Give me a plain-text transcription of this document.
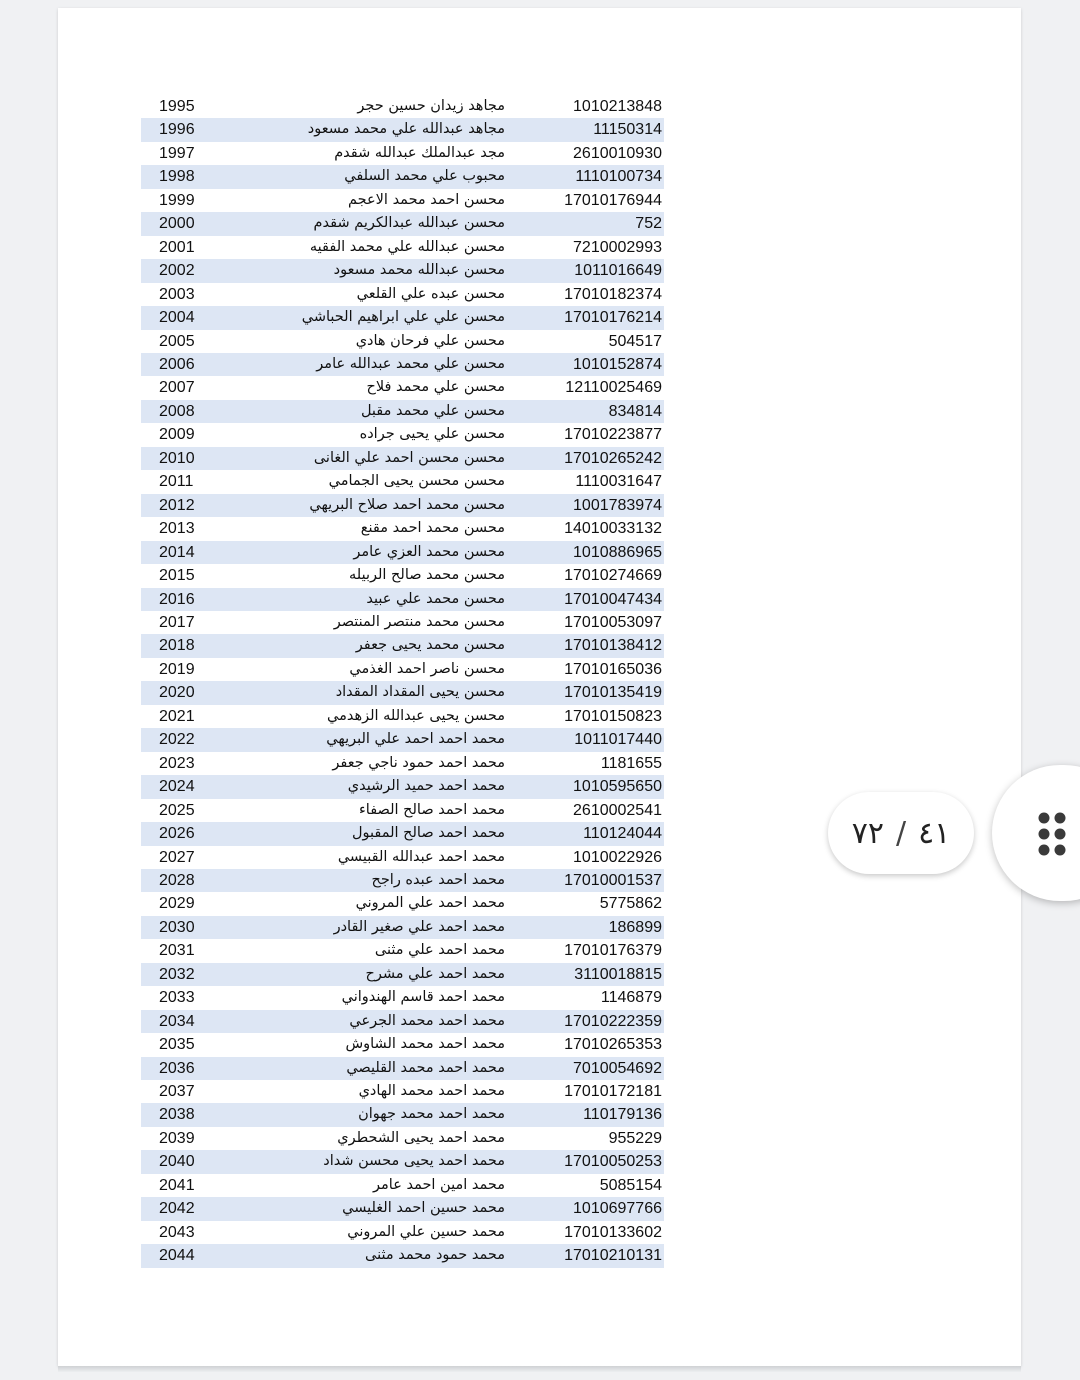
1995	مجاهد زيدان حسين حجر	1010213848
1996	مجاهد عبدالله علي محمد مسعود	11150314
1997	مجد عبدالملك عبدالله شقدم	2610010930
1998	محبوب علي محمد السلفي	1110100734
1999	محسن احمد محمد الاعجم	17010176944
2000	محسن عبدالله عبدالكريم شقدم	752
2001	محسن عبدالله علي محمد الفقيه	7210002993
2002	محسن عبدالله محمد مسعود	1011016649
2003	محسن عبده علي القلعي	17010182374
2004	محسن علي علي ابراهيم الحباشي	17010176214
2005	محسن علي فرحان هادي	504517
2006	محسن علي محمد عبدالله عامر	1010152874
2007	محسن علي محمد فلاح	12110025469
2008	محسن علي محمد مقبل	834814
2009	محسن علي يحيى جراده	17010223877
2010	محسن محسن احمد علي الغانى	17010265242
2011	محسن محسن يحيى الجمامي	1110031647
2012	محسن محمد احمد صلاح البريهي	1001783974
2013	محسن محمد احمد مقنع	14010033132
2014	محسن محمد العزي عامر	1010886965
2015	محسن محمد صالح الربيله	17010274669
2016	محسن محمد علي عبيد	17010047434
2017	محسن محمد منتصر المنتصر	17010053097
2018	محسن محمد يحيى جعفر	17010138412
2019	محسن ناصر احمد الغذمي	17010165036
2020	محسن يحيى المقداد المقداد	17010135419
2021	محسن يحيى عبدالله الزهدمي	17010150823
2022	محمد احمد احمد علي البريهي	1011017440
2023	محمد احمد حمود ناجي جعفر	1181655
2024	محمد احمد حميد الرشيدي	1010595650
2025	محمد احمد صالح الصفاء	2610002541
2026	محمد احمد صالح المقبول	110124044
2027	محمد احمد عبدالله القبيسي	1010022926
2028	محمد احمد عبده راجح	17010001537
2029	محمد احمد علي المروني	5775862
2030	محمد احمد علي صغير القادر	186899
2031	محمد احمد علي مثنى	17010176379
2032	محمد احمد علي مشرح	3110018815
2033	محمد احمد قاسم الهندواني	1146879
2034	محمد احمد محمد الجرعي	17010222359
2035	محمد احمد محمد الشاوش	17010265353
2036	محمد احمد محمد القليصي	7010054692
2037	محمد احمد محمد الهادي	17010172181
2038	محمد احمد محمد جهوان	110179136
2039	محمد احمد يحيى الشحطري	955229
2040	محمد احمد يحيى محسن شداد	17010050253
2041	محمد امين احمد عامر	5085154
2042	محمد حسين احمد الغليسي	1010697766
2043	محمد حسين علي المروني	17010133602
2044	محمد حمود محمد مثنى	17010210131
٤١
/
٧٢
